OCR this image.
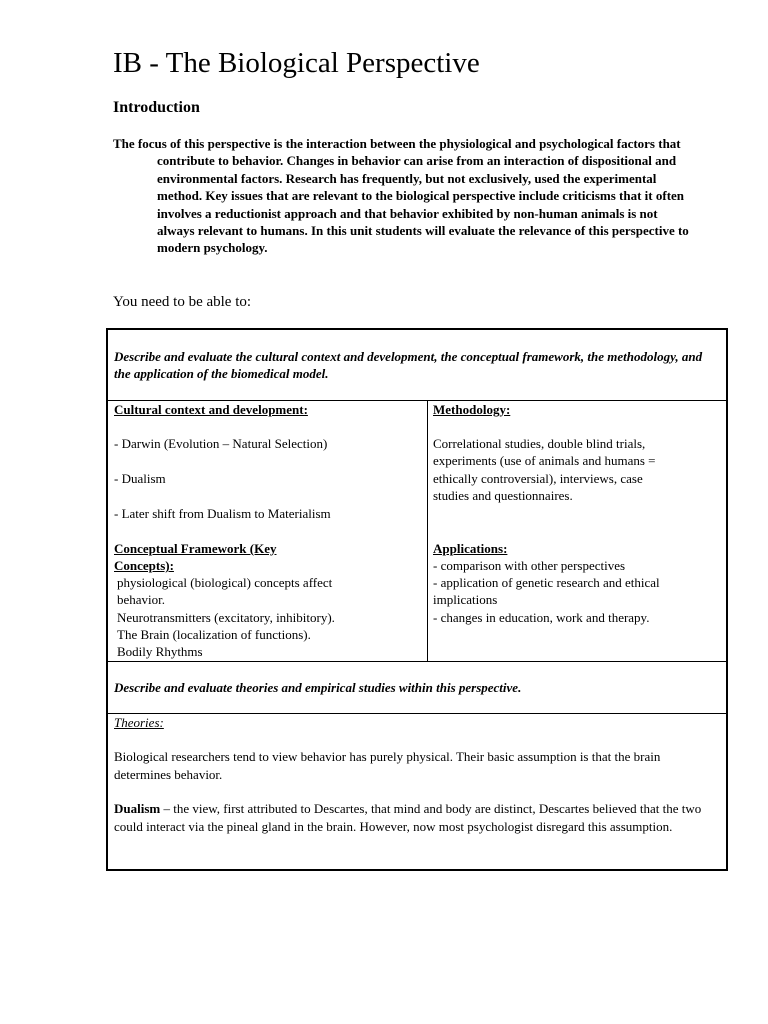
IB - The Biological Perspective
Introduction
The focus of this perspective is the interaction between the physiological and psychological factors that contribute to behavior. Changes in behavior can arise from an interaction of dispositional and environmental factors. Research has frequently, but not exclusively, used the experimental method. Key issues that are relevant to the biological perspective include criticisms that it often involves a reductionist approach and that behavior exhibited by non-human animals is not always relevant to humans. In this unit students will evaluate the relevance of this perspective to modern psychology.
You need to be able to:
Describe and evaluate the cultural context and development, the conceptual framework, the methodology, and the application of the biomedical model.
Cultural context and development:
- Darwin (Evolution – Natural Selection)
- Dualism
- Later shift from Dualism to Materialism
Conceptual Framework (Key Concepts):
physiological (biological) concepts affect behavior.
Neurotransmitters (excitatory, inhibitory).
The Brain (localization of functions).
Bodily Rhythms
Methodology:
Correlational studies, double blind trials, experiments (use of animals and humans = ethically controversial), interviews, case studies and questionnaires.
Applications:
- comparison with other perspectives
- application of genetic research and ethical implications
- changes in education, work and therapy.
Describe and evaluate theories and empirical studies within this perspective.

Theories:

Biological researchers tend to view behavior has purely physical. Their basic assumption is that the brain determines behavior.

Dualism – the view, first attributed to Descartes, that mind and body are distinct, Descartes believed that the two could interact via the pineal gland in the brain. However, now most psychologist disregard this assumption.
